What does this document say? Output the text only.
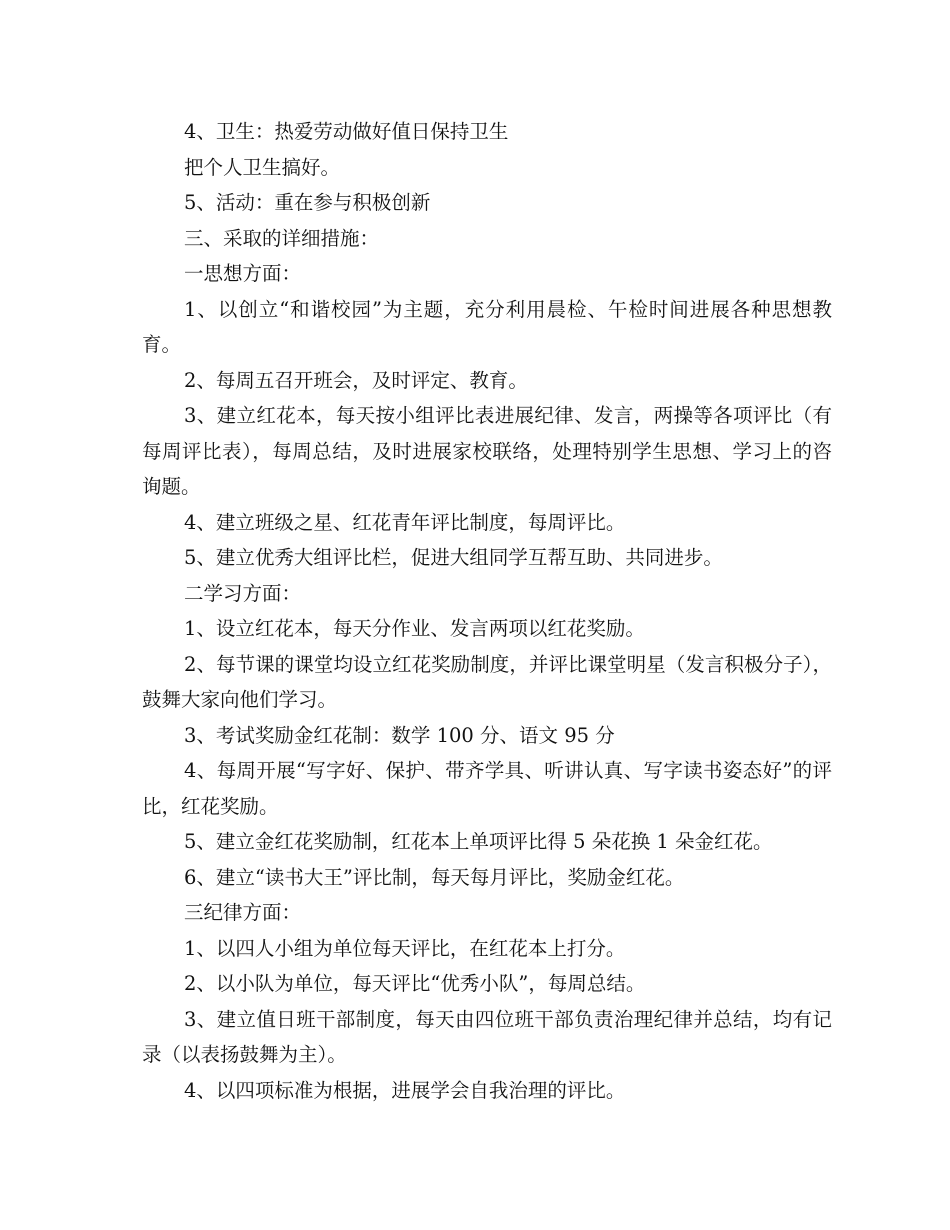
4、卫生：热爱劳动做好值日保持卫生

把个人卫生搞好。

5、活动：重在参与积极创新

三、采取的详细措施：

一思想方面：

1、以创立“和谐校园”为主题，充分利用晨检、午检时间进展各种思想教育。

2、每周五召开班会，及时评定、教育。

3、建立红花本，每天按小组评比表进展纪律、发言，两操等各项评比（有每周评比表），每周总结，及时进展家校联络，处理特别学生思想、学习上的咨询题。

4、建立班级之星、红花青年评比制度，每周评比。

5、建立优秀大组评比栏，促进大组同学互帮互助、共同进步。

二学习方面：

1、设立红花本，每天分作业、发言两项以红花奖励。

2、每节课的课堂均设立红花奖励制度，并评比课堂明星（发言积极分子），鼓舞大家向他们学习。

3、考试奖励金红花制：数学 100 分、语文 95 分

4、每周开展“写字好、保护、带齐学具、听讲认真、写字读书姿态好”的评比，红花奖励。

5、建立金红花奖励制，红花本上单项评比得 5 朵花换 1 朵金红花。

6、建立“读书大王”评比制，每天每月评比，奖励金红花。

三纪律方面：

1、以四人小组为单位每天评比，在红花本上打分。

2、以小队为单位，每天评比“优秀小队”，每周总结。

3、建立值日班干部制度，每天由四位班干部负责治理纪律并总结，均有记录（以表扬鼓舞为主）。

4、以四项标准为根据，进展学会自我治理的评比。
